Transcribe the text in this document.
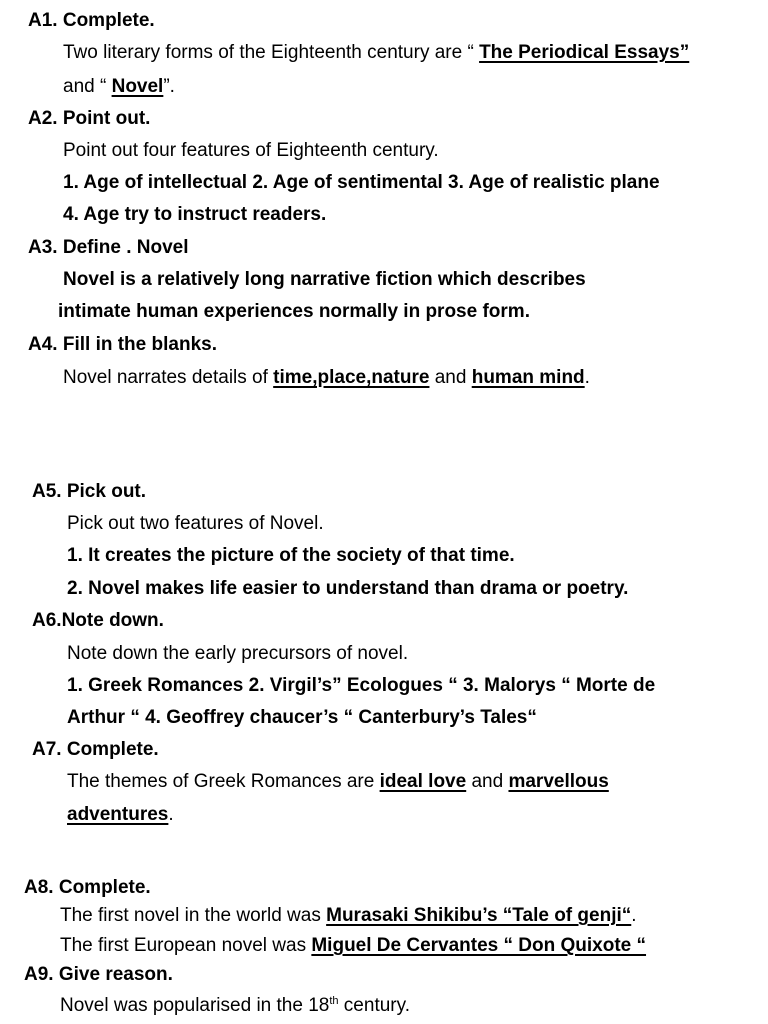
A1. Complete.
Two literary forms of the Eighteenth century are “ The Periodical Essays”
and “ Novel”.
A2. Point out.
Point out four features of Eighteenth century.
1. Age of intellectual 2. Age of sentimental 3. Age of realistic plane
4. Age try to instruct readers.
A3. Define . Novel
Novel is a relatively long narrative fiction which describes
intimate human experiences normally in prose form.
A4. Fill in the blanks.
Novel narrates details of time,place,nature and human mind.
A5. Pick out.
Pick out two features of Novel.
1. It creates the picture of the society of that time.
2. Novel makes life easier to understand than drama or poetry.
A6.Note down.
Note down the early precursors of novel.
1. Greek Romances 2. Virgil’s” Ecologues “ 3. Malorys “ Morte de
Arthur “ 4. Geoffrey chaucer’s “ Canterbury’s Tales“
A7. Complete.
The themes of Greek Romances are ideal love and marvellous
adventures.
A8. Complete.
The first novel in the world was Murasaki Shikibu’s “Tale of genji“.
The first European novel was Miguel De Cervantes “ Don Quixote “
A9. Give reason.
Novel was popularised in the 18th century.
